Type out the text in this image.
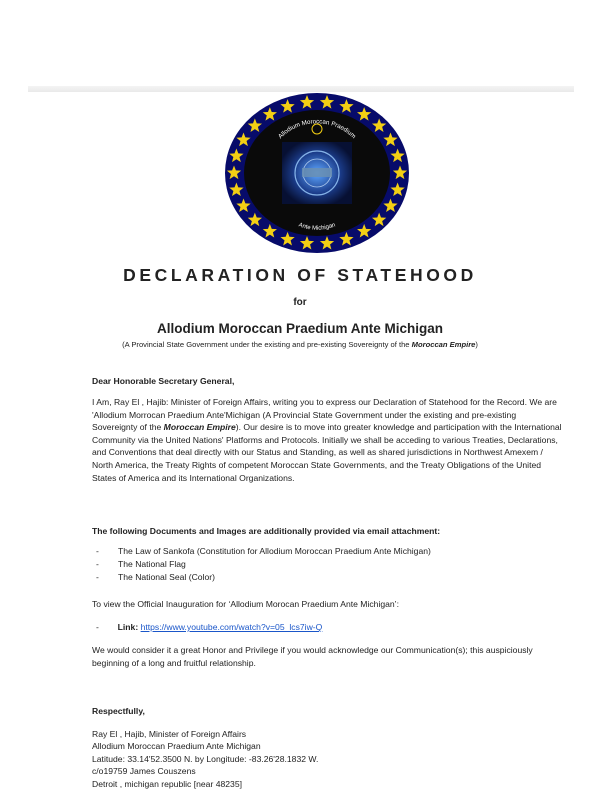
Allodium Moroccan Praedium
Ante Michigan
DECLARATION OF STATEHOOD
for
Allodium Moroccan Praedium Ante Michigan
(A Provincial State Government under the existing and pre-existing Sovereignty of the Moroccan Empire)
Dear Honorable Secretary General,
I Am, Ray El , Hajib: Minister of Foreign Affairs, writing you to express our Declaration of Statehood for the Record. We are 'Allodium Morrocan Praedium Ante'Michigan (A Provincial State Government under the existing and pre-existing Sovereignty of the Moroccan Empire). Our desire is to move into greater knowledge and participation with the International Community via the United Nations' Platforms and Protocols. Initially we shall be acceding to various Treaties, Declarations, and Conventions that deal directly with our Status and Standing, as well as shared jurisdictions in Northwest Amexem / North America, the Treaty Rights of competent Moroccan State Governments, and the Treaty Obligations of the United States of America and its International Organizations.
The following Documents and Images are additionally provided via email attachment:
- The Law of Sankofa (Constitution for Allodium Moroccan Praedium Ante Michigan)
- The National Flag
- The National Seal (Color)
To view the Official Inauguration for ‘Allodium Morocan Praedium Ante Michigan’:
- Link: https://www.youtube.com/watch?v=05_lcs7iw-Q
We would consider it a great Honor and Privilege if you would acknowledge our Communication(s); this auspiciously beginning of a long and fruitful relationship.
Respectfully,
Ray El , Hajib, Minister of Foreign Affairs
Allodium Moroccan Praedium Ante Michigan
Latitude: 33.14'52.3500 N. by Longitude: -83.26'28.1832 W.
c/o19759 James Couszens
Detroit , michigan republic [near 48235]
